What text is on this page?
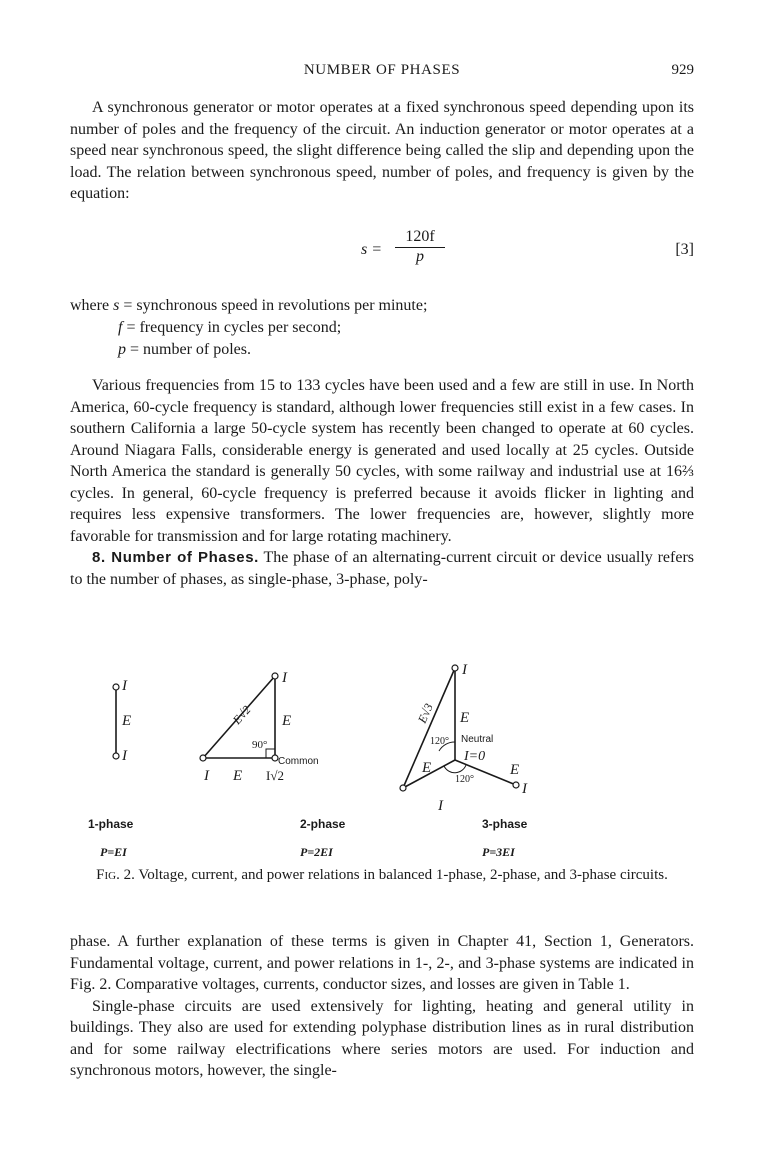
NUMBER OF PHASES	929

A synchronous generator or motor operates at a fixed synchronous speed depending upon its number of poles and the frequency of the circuit. An induction generator or motor operates at a speed near synchronous speed, the slight difference being called the slip and depending upon the load. The relation between synchronous speed, number of poles, and frequency is given by the equation:

$s = \frac{120f}{p}$	[3]
where s = synchronous speed in revolutions per minute;
f = frequency in cycles per second;
p = number of poles.

Various frequencies from 15 to 133 cycles have been used and a few are still in use. In North America, 60-cycle frequency is standard, although lower frequencies still exist in a few cases. In southern California a large 50-cycle system has recently been changed to operate at 60 cycles. Around Niagara Falls, considerable energy is generated and used locally at 25 cycles. Outside North America the standard is generally 50 cycles, with some railway and industrial use at 16⅔ cycles. In general, 60-cycle frequency is preferred because it avoids flicker in lighting and requires less expensive transformers. The lower frequencies are, however, slightly more favorable for transmission and for large rotating machinery.

8. Number of Phases. The phase of an alternating-current circuit or device usually refers to the number of phases, as single-phase, 3-phase, poly-

I
E
I
1-phase
P=EI
I
E
E√2
90°
Common
I E I√2
2-phase
P=2EI
I
E√3 E
Neutral
I=0
120°
E
120°
E
I
I
3-phase
P=3EI
Fig. 2. Voltage, current, and power relations in balanced 1-phase, 2-phase, and 3-phase circuits.

phase. A further explanation of these terms is given in Chapter 41, Section 1, Generators. Fundamental voltage, current, and power relations in 1-, 2-, and 3-phase systems are indicated in Fig. 2. Comparative voltages, currents, conductor sizes, and losses are given in Table 1.

Single-phase circuits are used extensively for lighting, heating and general utility in buildings. They also are used for extending polyphase distribution lines as in rural distribution and for some railway electrifications where series motors are used. For induction and synchronous motors, however, the single-
